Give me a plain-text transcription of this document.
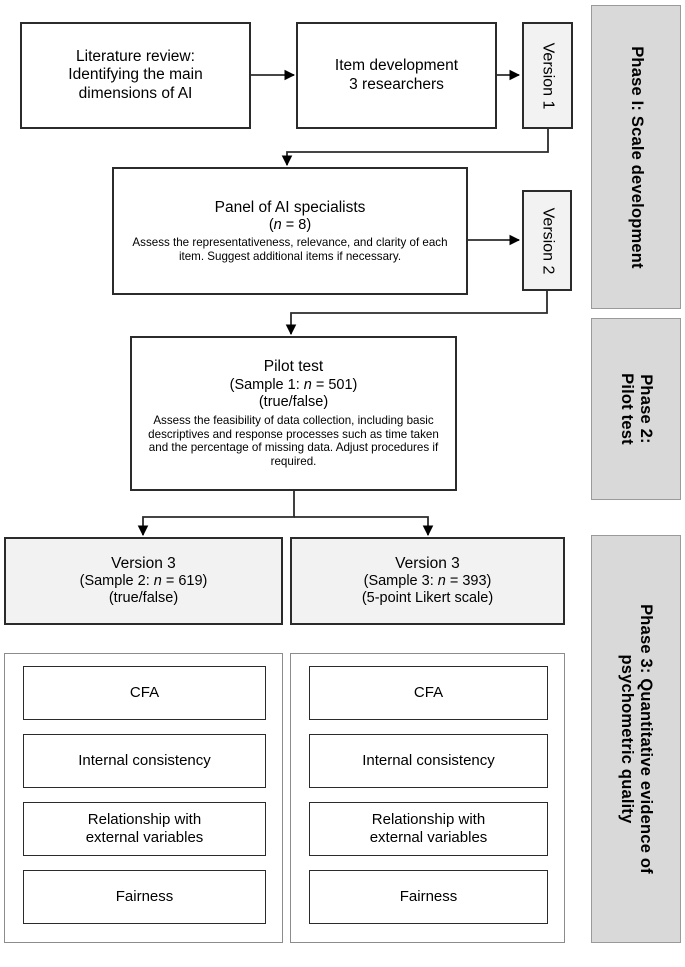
Literature review:
Identifying the main
dimensions of AI
Item development
3 researchers	Version 1
Panel of AI specialists
(n = 8)
Assess the representativeness, relevance, and clarity of each item. Suggest additional items if necessary.	Version 2
Pilot test
(Sample 1: n = 501)
(true/false)
Assess the feasibility of data collection, including basic descriptives and response processes such as time taken and the percentage of missing data. Adjust procedures if required.
Version 3
(Sample 2: n = 619)
(true/false)
Version 3
(Sample 3: n = 393)
(5-point Likert scale)
CFA
Internal consistency
Relationship with
external variables
Fairness
CFA
Internal consistency
Relationship with
external variables
Fairness
Phase I: Scale development
Phase 2:
Pilot test
Phase 3: Quantitative evidence of
psychometric quality
